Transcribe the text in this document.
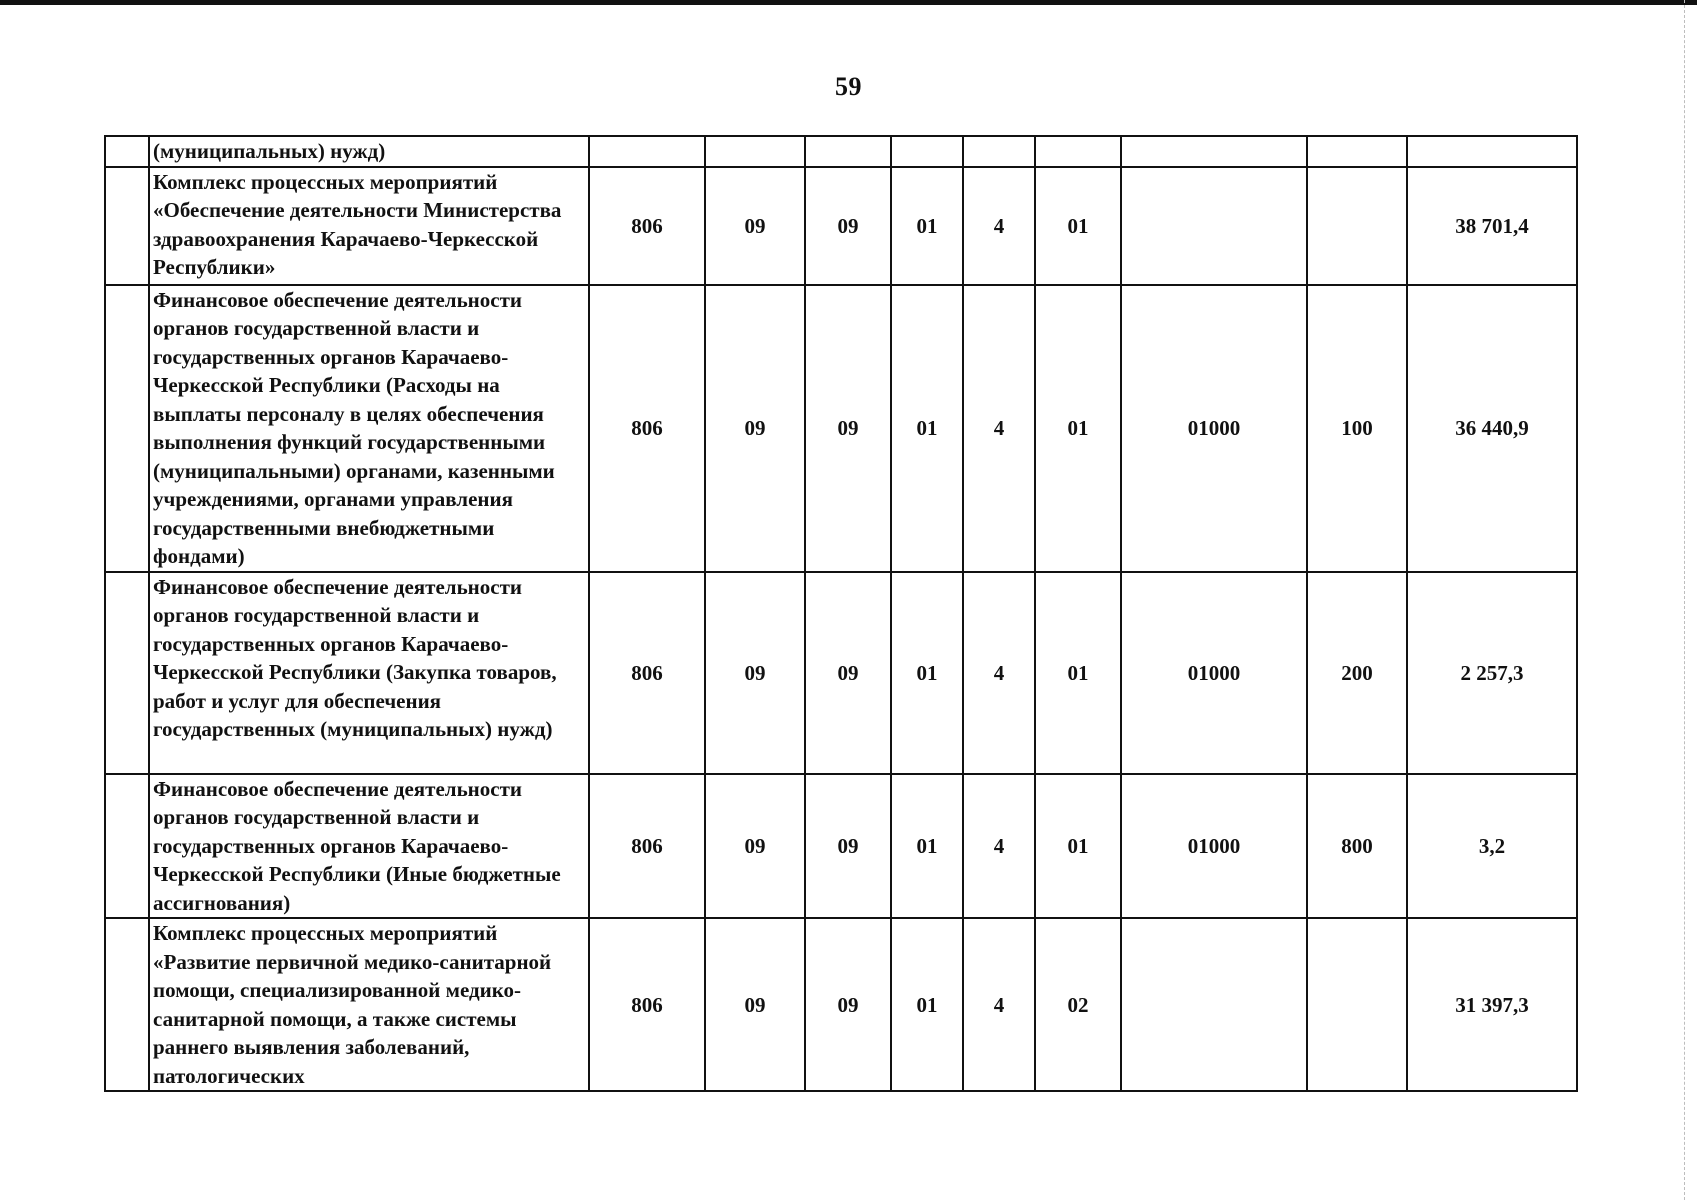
59
	(муниципальных) нужд)									
	Комплекс процессных мероприятий «Обеспечение деятельности Министерства здравоохранения Карачаево-Черкесской Республики»	806	09	09	01	4	01			38 701,4
	Финансовое обеспечение деятельности органов государственной власти и государственных органов Карачаево-Черкесской Республики (Расходы на выплаты персоналу в целях обеспечения выполнения функций государственными (муниципальными) органами, казенными учреждениями, органами управления государственными внебюджетными фондами)	806	09	09	01	4	01	01000	100	36 440,9
	Финансовое обеспечение деятельности органов государственной власти и государственных органов Карачаево-Черкесской Республики (Закупка товаров, работ и услуг для обеспечения государственных (муниципальных) нужд)	806	09	09	01	4	01	01000	200	2 257,3
	Финансовое обеспечение деятельности органов государственной власти и государственных органов Карачаево-Черкесской Республики (Иные бюджетные ассигнования)	806	09	09	01	4	01	01000	800	3,2
	Комплекс процессных мероприятий «Развитие первичной медико-санитарной помощи, специализированной медико-санитарной помощи, а также системы раннего выявления заболеваний, патологических	806	09	09	01	4	02			31 397,3
